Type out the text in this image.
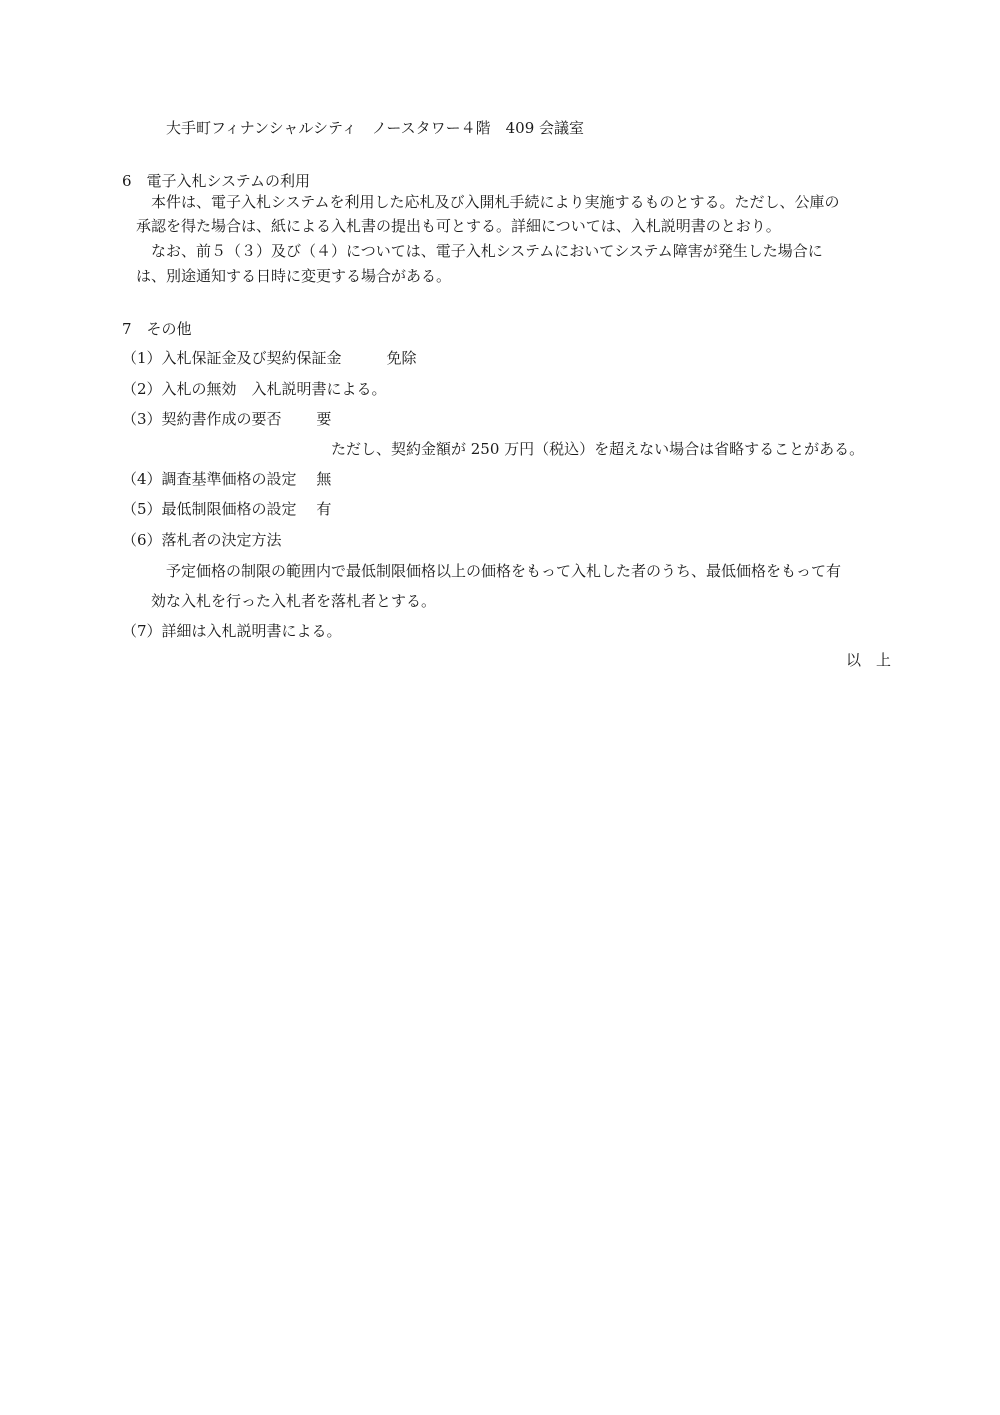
大手町フィナンシャルシティ　ノースタワー４階　409 会議室
6　電子入札システムの利用
本件は、電子入札システムを利用した応札及び入開札手続により実施するものとする。ただし、公庫の
承認を得た場合は、紙による入札書の提出も可とする。詳細については、入札説明書のとおり。
なお、前５（３）及び（４）については、電子入札システムにおいてシステム障害が発生した場合に
は、別途通知する日時に変更する場合がある。
7　その他
（1）入札保証金及び契約保証金　　　免除
（2）入札の無効　入札説明書による。
（3）契約書作成の要否　　 要
ただし、契約金額が 250 万円（税込）を超えない場合は省略することがある。
（4）調査基準価格の設定　 無
（5）最低制限価格の設定　 有
（6）落札者の決定方法
予定価格の制限の範囲内で最低制限価格以上の価格をもって入札した者のうち、最低価格をもって有
効な入札を行った入札者を落札者とする。
（7）詳細は入札説明書による。
以　上
